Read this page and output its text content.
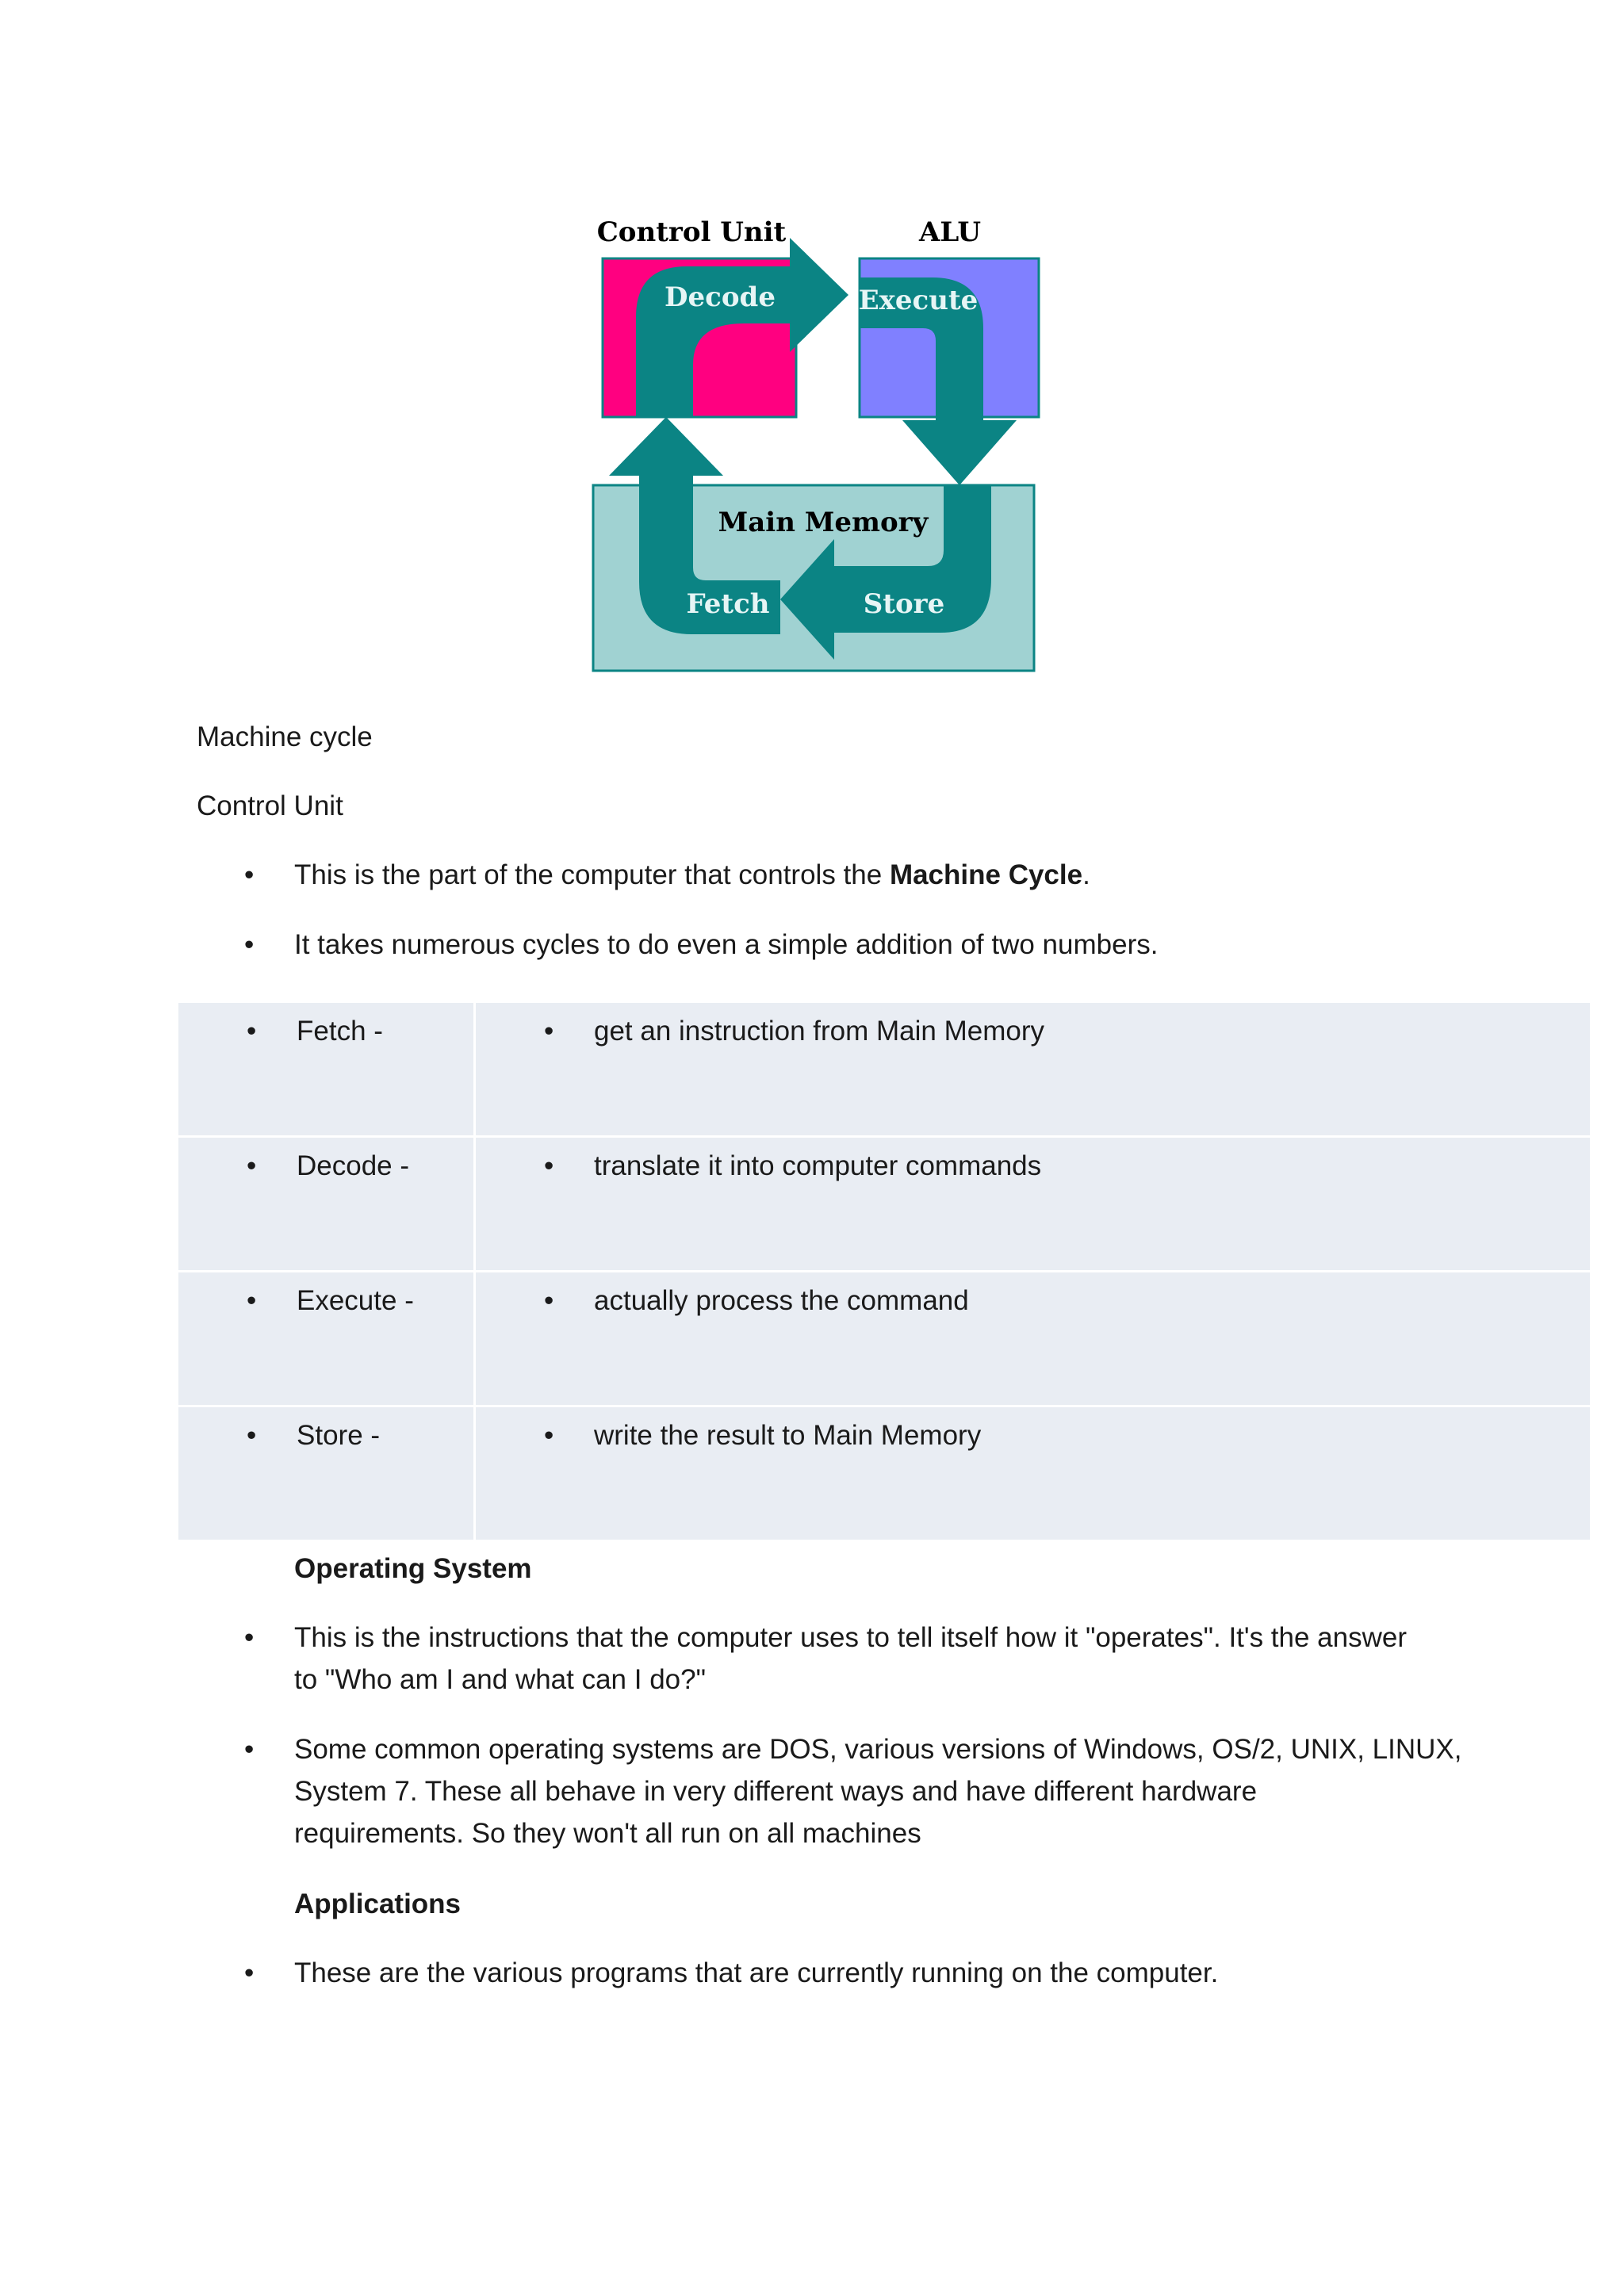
Control Unit	ALU
Decode	Execute
Main Memory
Fetch	Store
Machine cycle
Control Unit
• This is the part of the computer that controls the Machine Cycle.
• It takes numerous cycles to do even a simple addition of two numbers.
• Fetch -	• get an instruction from Main Memory

• Decode -	• translate it into computer commands

• Execute -	• actually process the command

• Store -	• write the result to Main Memory
Operating System
• This is the instructions that the computer uses to tell itself how it "operates". It's the answer
to "Who am I and what can I do?"
• Some common operating systems are DOS, various versions of Windows, OS/2, UNIX, LINUX,
System 7. These all behave in very different ways and have different hardware
requirements. So they won't all run on all machines
Applications
• These are the various programs that are currently running on the computer.
